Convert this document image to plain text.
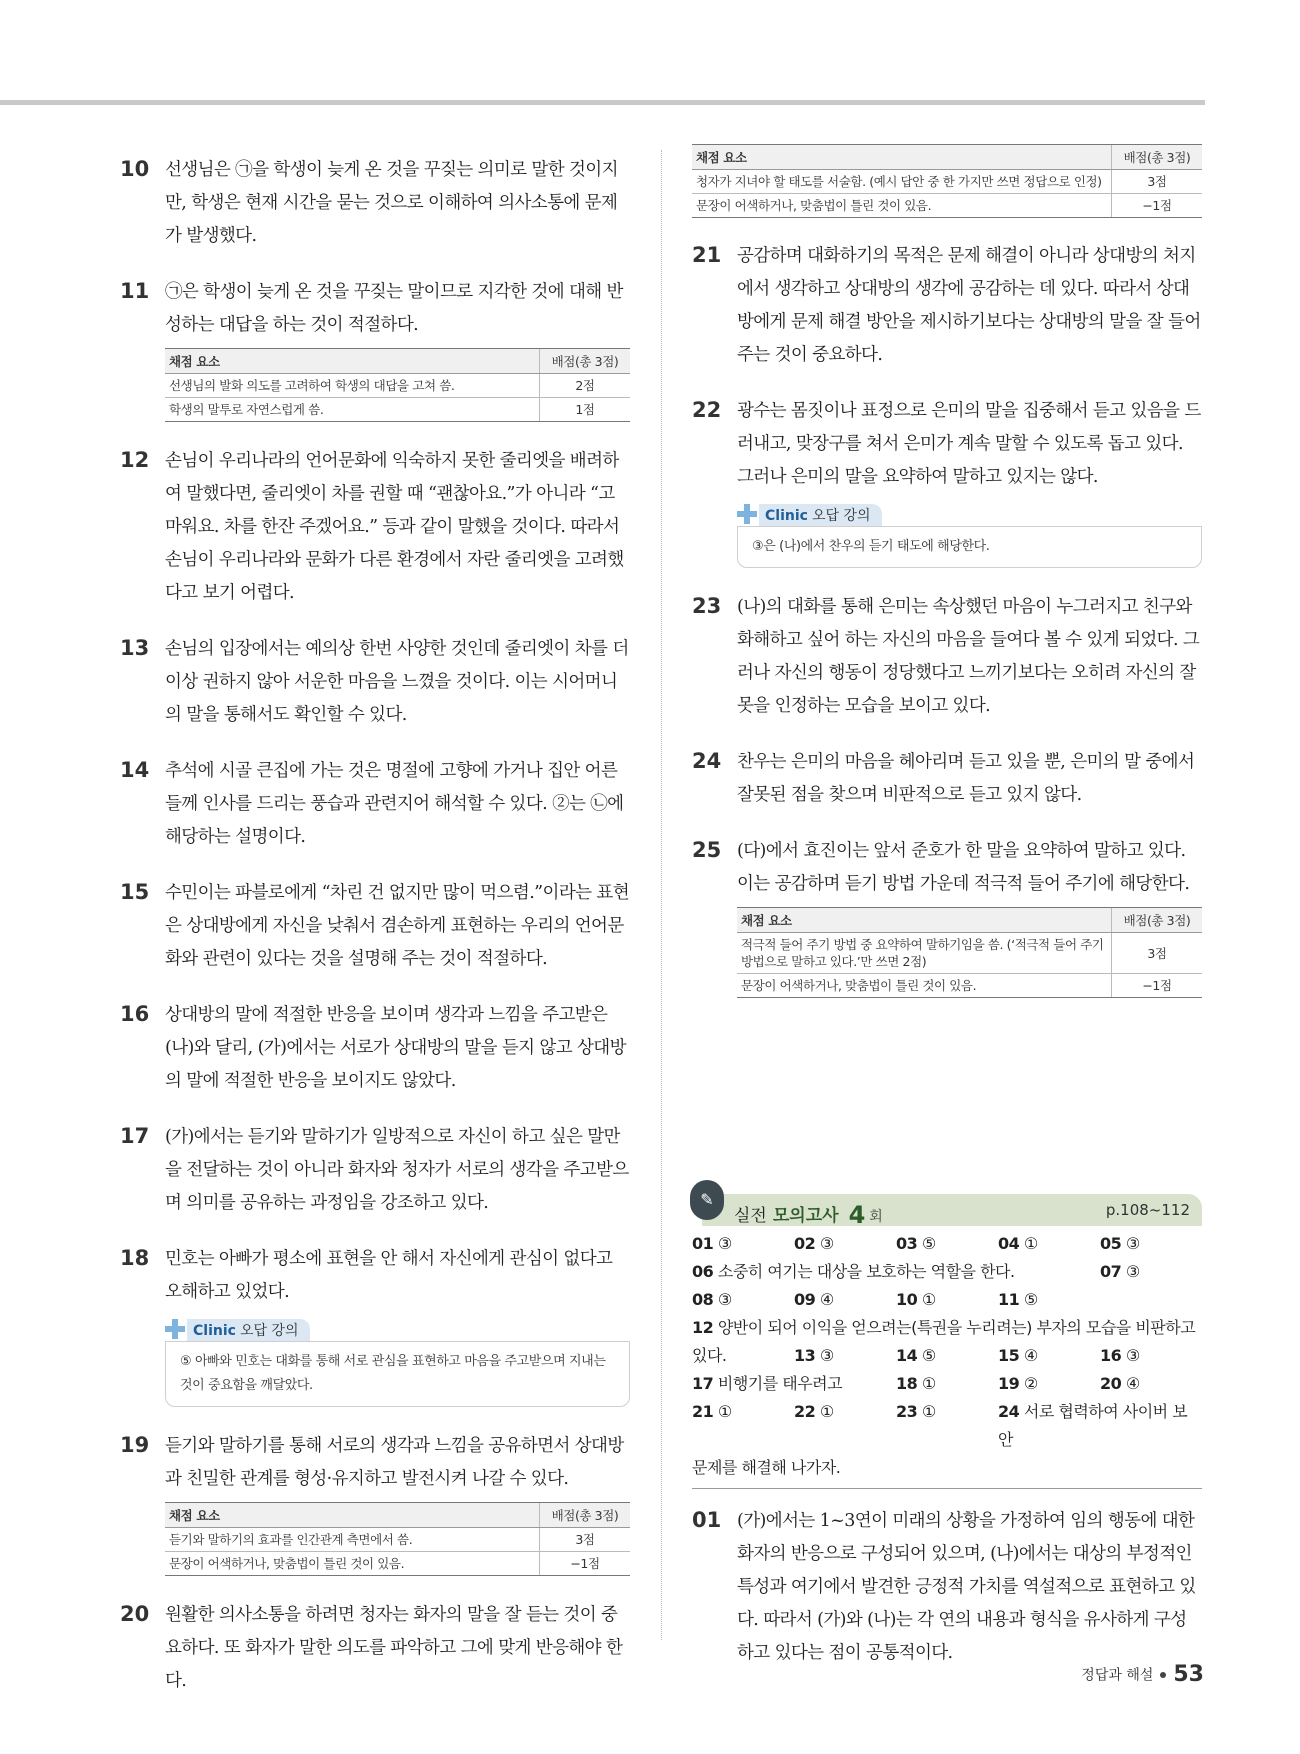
10 선생님은 ㉠을 학생이 늦게 온 것을 꾸짖는 의미로 말한 것이지만, 학생은 현재 시간을 묻는 것으로 이해하여 의사소통에 문제가 발생했다.
11 ㉠은 학생이 늦게 온 것을 꾸짖는 말이므로 지각한 것에 대해 반성하는 대답을 하는 것이 적절하다.
채점 요소	배점(총 3점)
선생님의 발화 의도를 고려하여 학생의 대답을 고쳐 씀.	2점
학생의 말투로 자연스럽게 씀.	1점
12 손님이 우리나라의 언어문화에 익숙하지 못한 줄리엣을 배려하여 말했다면, 줄리엣이 차를 권할 때 “괜찮아요.”가 아니라 “고마워요. 차를 한잔 주겠어요.” 등과 같이 말했을 것이다. 따라서 손님이 우리나라와 문화가 다른 환경에서 자란 줄리엣을 고려했다고 보기 어렵다.
13 손님의 입장에서는 예의상 한번 사양한 것인데 줄리엣이 차를 더 이상 권하지 않아 서운한 마음을 느꼈을 것이다. 이는 시어머니의 말을 통해서도 확인할 수 있다.
14 추석에 시골 큰집에 가는 것은 명절에 고향에 가거나 집안 어른들께 인사를 드리는 풍습과 관련지어 해석할 수 있다. ②는 ㉡에 해당하는 설명이다.
15 수민이는 파블로에게 “차린 건 없지만 많이 먹으렴.”이라는 표현은 상대방에게 자신을 낮춰서 겸손하게 표현하는 우리의 언어문화와 관련이 있다는 것을 설명해 주는 것이 적절하다.
16 상대방의 말에 적절한 반응을 보이며 생각과 느낌을 주고받은 (나)와 달리, (가)에서는 서로가 상대방의 말을 듣지 않고 상대방의 말에 적절한 반응을 보이지도 않았다.
17 (가)에서는 듣기와 말하기가 일방적으로 자신이 하고 싶은 말만을 전달하는 것이 아니라 화자와 청자가 서로의 생각을 주고받으며 의미를 공유하는 과정임을 강조하고 있다.
18 민호는 아빠가 평소에 표현을 안 해서 자신에게 관심이 없다고 오해하고 있었다.
Clinic 오답 강의
⑤ 아빠와 민호는 대화를 통해 서로 관심을 표현하고 마음을 주고받으며 지내는 것이 중요함을 깨달았다.
19 듣기와 말하기를 통해 서로의 생각과 느낌을 공유하면서 상대방과 친밀한 관계를 형성·유지하고 발전시켜 나갈 수 있다.
채점 요소	배점(총 3점)
듣기와 말하기의 효과를 인간관계 측면에서 씀.	3점
문장이 어색하거나, 맞춤법이 틀린 것이 있음.	−1점
20 원활한 의사소통을 하려면 청자는 화자의 말을 잘 듣는 것이 중요하다. 또 화자가 말한 의도를 파악하고 그에 맞게 반응해야 한다.
채점 요소	배점(총 3점)
청자가 지녀야 할 태도를 서술함. (예시 답안 중 한 가지만 쓰면 정답으로 인정)	3점
문장이 어색하거나, 맞춤법이 틀린 것이 있음.	−1점
21 공감하며 대화하기의 목적은 문제 해결이 아니라 상대방의 처지에서 생각하고 상대방의 생각에 공감하는 데 있다. 따라서 상대방에게 문제 해결 방안을 제시하기보다는 상대방의 말을 잘 들어주는 것이 중요하다.
22 광수는 몸짓이나 표정으로 은미의 말을 집중해서 듣고 있음을 드러내고, 맞장구를 쳐서 은미가 계속 말할 수 있도록 돕고 있다. 그러나 은미의 말을 요약하여 말하고 있지는 않다.
Clinic 오답 강의
③은 (나)에서 찬우의 듣기 태도에 해당한다.
23 (나)의 대화를 통해 은미는 속상했던 마음이 누그러지고 친구와 화해하고 싶어 하는 자신의 마음을 들여다 볼 수 있게 되었다. 그러나 자신의 행동이 정당했다고 느끼기보다는 오히려 자신의 잘못을 인정하는 모습을 보이고 있다.
24 찬우는 은미의 마음을 헤아리며 듣고 있을 뿐, 은미의 말 중에서 잘못된 점을 찾으며 비판적으로 듣고 있지 않다.
25 (다)에서 효진이는 앞서 준호가 한 말을 요약하여 말하고 있다. 이는 공감하며 듣기 방법 가운데 적극적 들어 주기에 해당한다.
채점 요소	배점(총 3점)
적극적 들어 주기 방법 중 요약하여 말하기임을 씀. (‘적극적 들어 주기 방법으로 말하고 있다.’만 쓰면 2점)	3점
문장이 어색하거나, 맞춤법이 틀린 것이 있음.	−1점
✎
실전 모의고사 4 회	p.108~112
01 ③	02 ③	03 ⑤	04 ①	05 ③
06 소중히 여기는 대상을 보호하는 역할을 한다.	07 ③
08 ③	09 ④	10 ①	11 ⑤
12 양반이 되어 이익을 얻으려는(특권을 누리려는) 부자의 모습을 비판하고
있다.	13 ③	14 ⑤	15 ④	16 ③
17 비행기를 태우려고	18 ①	19 ②	20 ④
21 ①	22 ①	23 ①	24 서로 협력하여 사이버 보안
문제를 해결해 나가자.
01 (가)에서는 1~3연이 미래의 상황을 가정하여 임의 행동에 대한 화자의 반응으로 구성되어 있으며, (나)에서는 대상의 부정적인 특성과 여기에서 발견한 긍정적 가치를 역설적으로 표현하고 있다. 따라서 (가)와 (나)는 각 연의 내용과 형식을 유사하게 구성하고 있다는 점이 공통적이다.
정답과 해설 53
